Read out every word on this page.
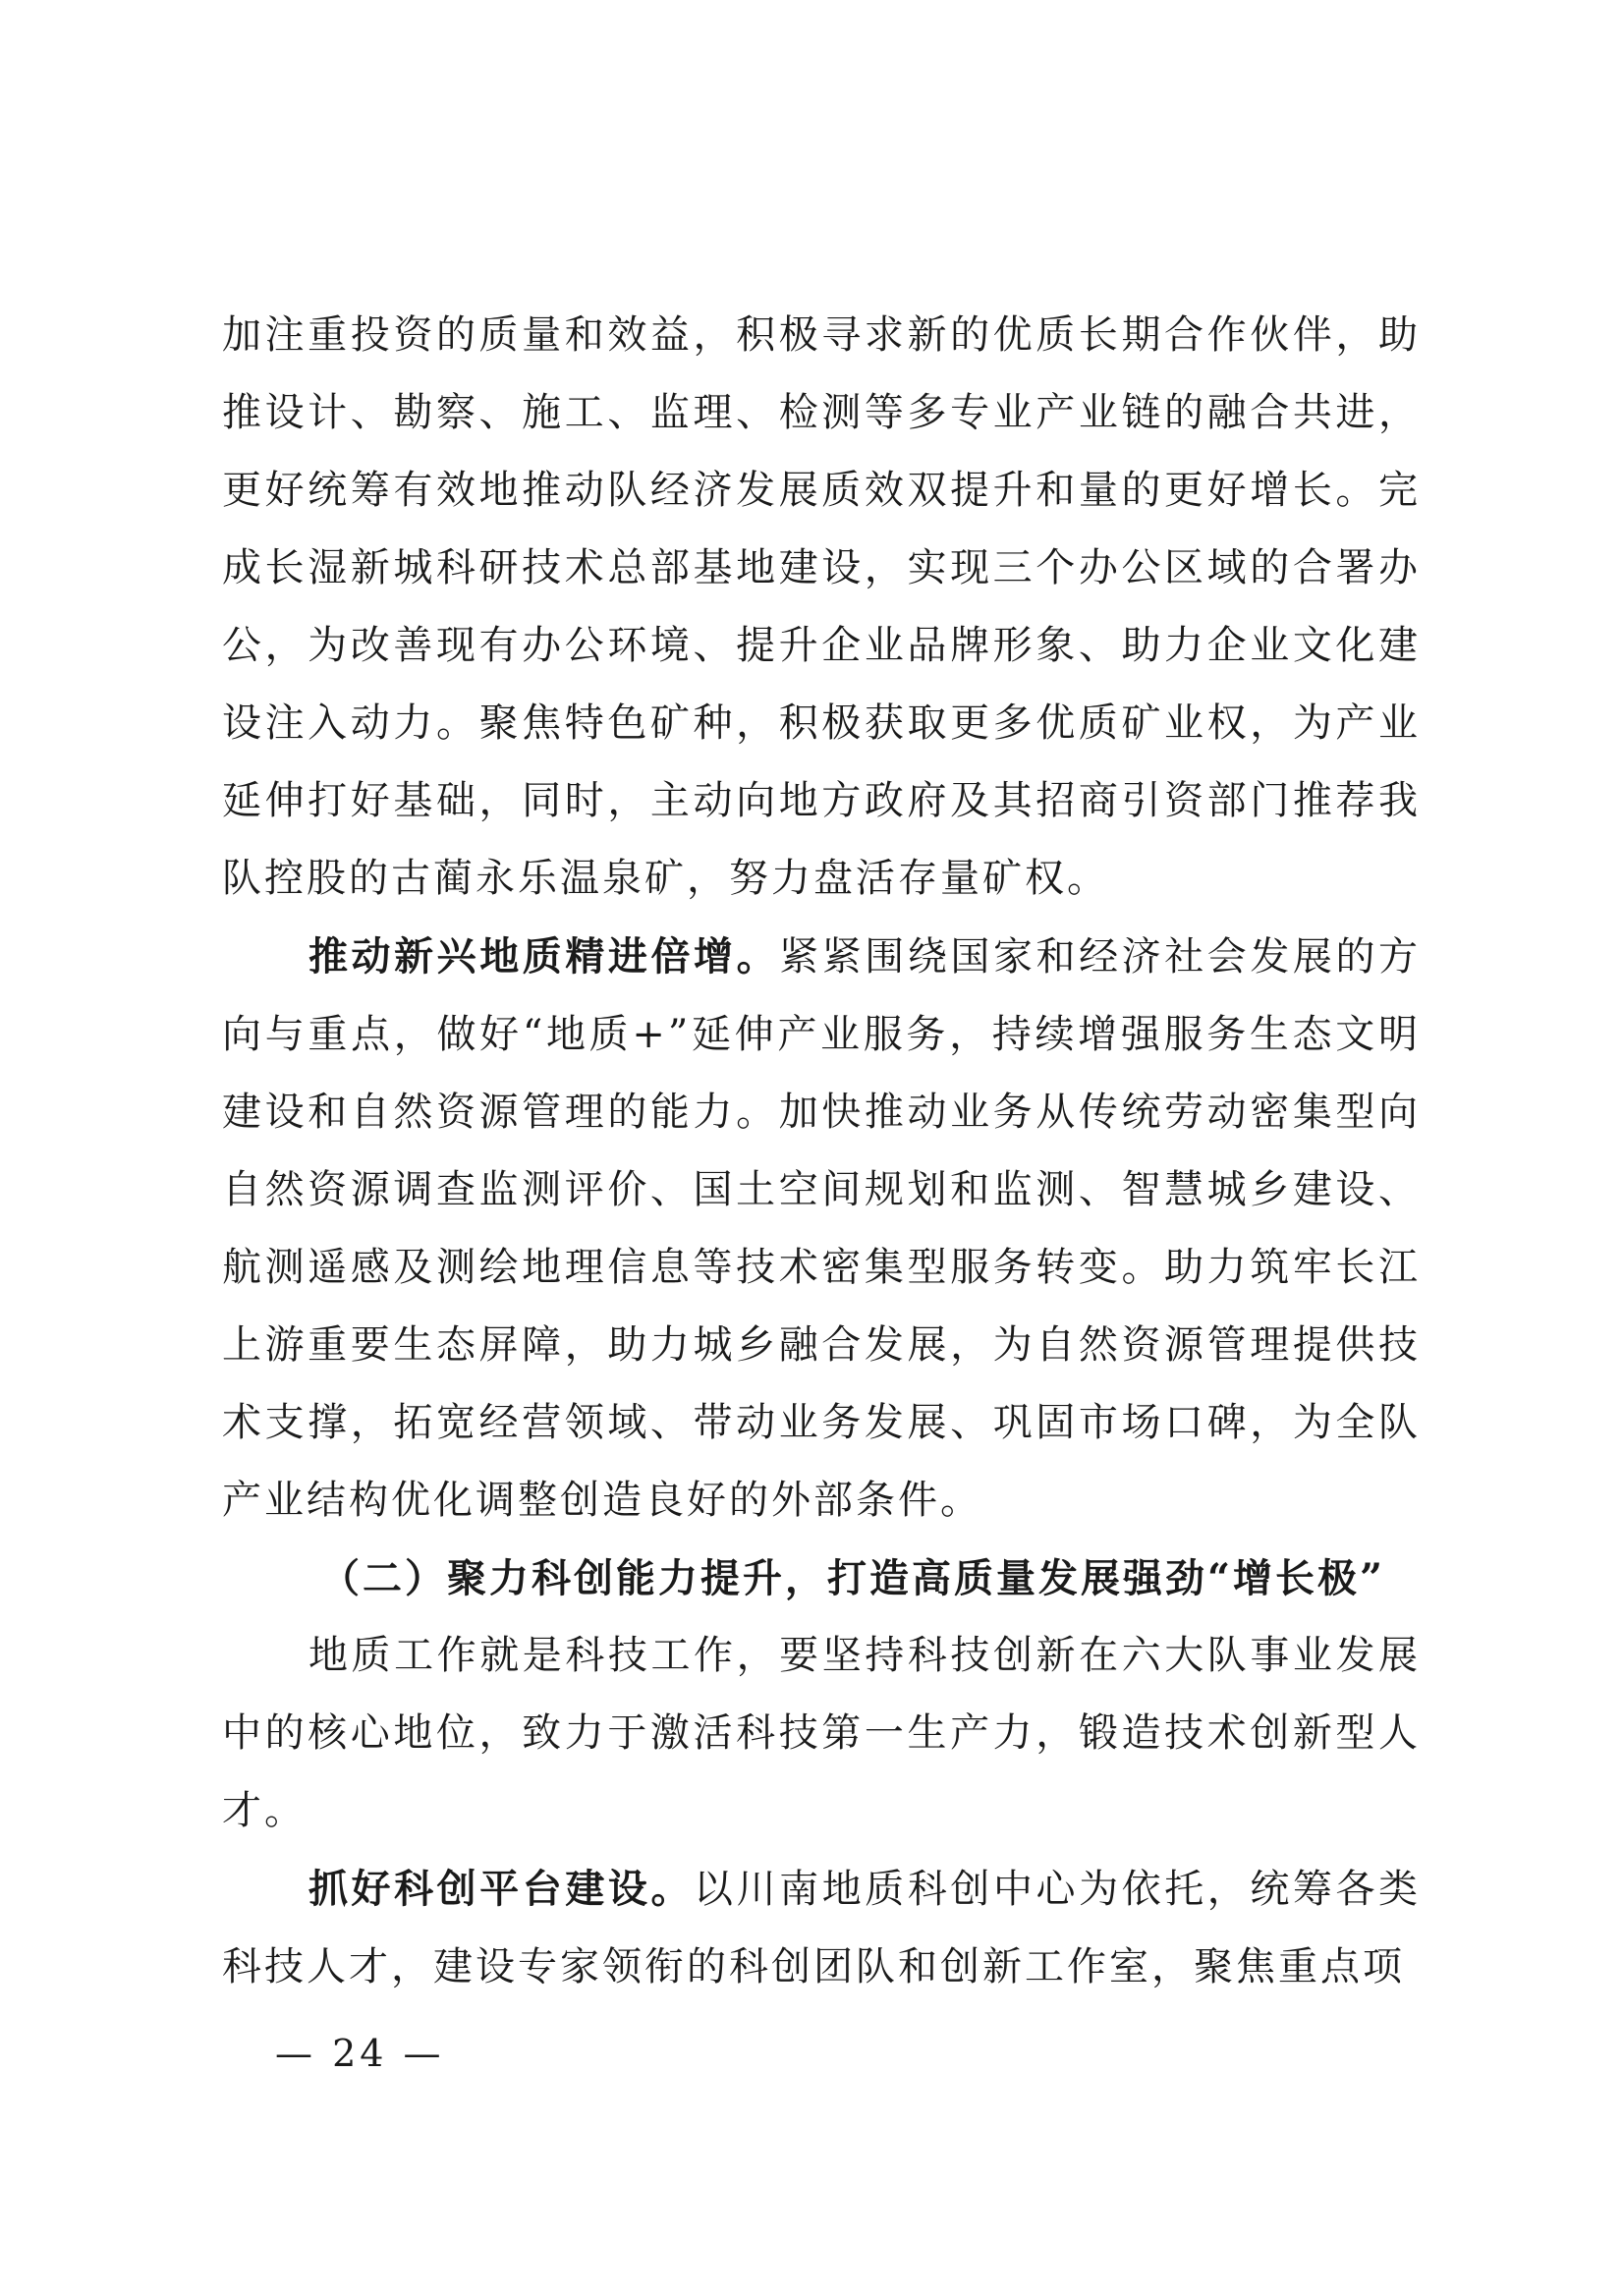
加注重投资的质量和效益，积极寻求新的优质长期合作伙伴，助推设计、勘察、施工、监理、检测等多专业产业链的融合共进，更好统筹有效地推动队经济发展质效双提升和量的更好增长。完成长湿新城科研技术总部基地建设，实现三个办公区域的合署办公，为改善现有办公环境、提升企业品牌形象、助力企业文化建设注入动力。聚焦特色矿种，积极获取更多优质矿业权，为产业延伸打好基础，同时，主动向地方政府及其招商引资部门推荐我队控股的古蔺永乐温泉矿，努力盘活存量矿权。

推动新兴地质精进倍增。紧紧围绕国家和经济社会发展的方向与重点，做好“地质+”延伸产业服务，持续增强服务生态文明建设和自然资源管理的能力。加快推动业务从传统劳动密集型向自然资源调查监测评价、国土空间规划和监测、智慧城乡建设、航测遥感及测绘地理信息等技术密集型服务转变。助力筑牢长江上游重要生态屏障，助力城乡融合发展，为自然资源管理提供技术支撑，拓宽经营领域、带动业务发展、巩固市场口碑，为全队产业结构优化调整创造良好的外部条件。

（二）聚力科创能力提升，打造高质量发展强劲“增长极”

地质工作就是科技工作，要坚持科技创新在六大队事业发展中的核心地位，致力于激活科技第一生产力，锻造技术创新型人才。

抓好科创平台建设。以川南地质科创中心为依托，统筹各类科技人才，建设专家领衔的科创团队和创新工作室，聚焦重点项

— 24 —
